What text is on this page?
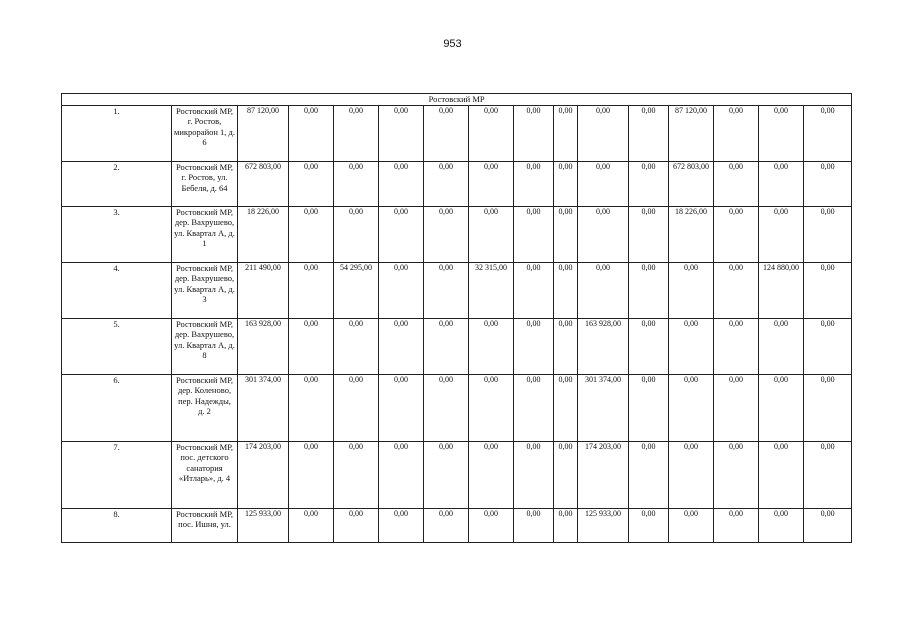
953
Ростовский МР															
1.	Ростовский МР, г. Ростов, микрорайон 1, д. 6	87 120,00	0,00	0,00	0,00	0,00	0,00	0,00	0,00	0,00	0,00	87 120,00	0,00	0,00	0,00
2.	Ростовский МР, г. Ростов, ул. Бебеля, д. 64	672 803,00	0,00	0,00	0,00	0,00	0,00	0,00	0,00	0,00	0,00	672 803,00	0,00	0,00	0,00
3.	Ростовский МР, дер. Вахрушево, ул. Квартал А, д. 1	18 226,00	0,00	0,00	0,00	0,00	0,00	0,00	0,00	0,00	0,00	18 226,00	0,00	0,00	0,00
4.	Ростовский МР, дер. Вахрушево, ул. Квартал А, д. 3	211 490,00	0,00	54 295,00	0,00	0,00	32 315,00	0,00	0,00	0,00	0,00	0,00	0,00	124 880,00	0,00
5.	Ростовский МР, дер. Вахрушево, ул. Квартал А, д. 8	163 928,00	0,00	0,00	0,00	0,00	0,00	0,00	0,00	163 928,00	0,00	0,00	0,00	0,00	0,00
6.	Ростовский МР, дер. Коленово, пер. Надежды, д. 2	301 374,00	0,00	0,00	0,00	0,00	0,00	0,00	0,00	301 374,00	0,00	0,00	0,00	0,00	0,00
7.	Ростовский МР, пос. детского санатория «Итларь», д. 4	174 203,00	0,00	0,00	0,00	0,00	0,00	0,00	0,00	174 203,00	0,00	0,00	0,00	0,00	0,00
8.	Ростовский МР, пос. Ишня, ул.	125 933,00	0,00	0,00	0,00	0,00	0,00	0,00	0,00	125 933,00	0,00	0,00	0,00	0,00	0,00
